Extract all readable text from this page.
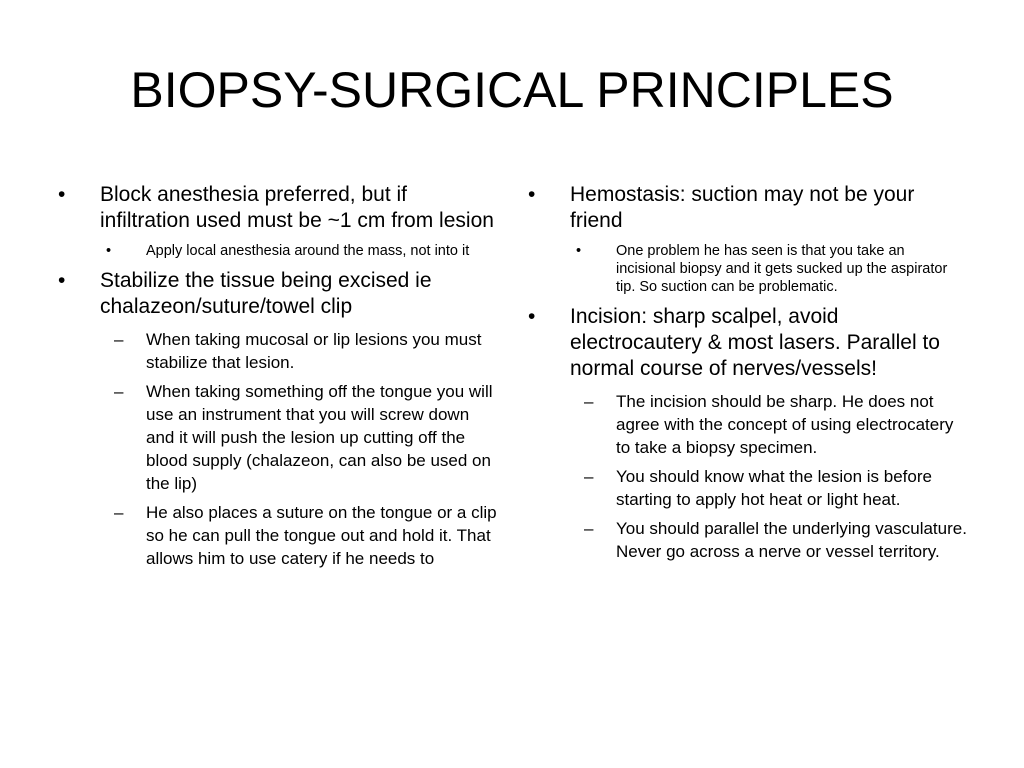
BIOPSY-SURGICAL PRINCIPLES
•	Block anesthesia preferred, but if infiltration used must be ~1 cm from lesion
• Apply local anesthesia around the mass, not into it
•	Stabilize the tissue being excised ie chalazeon/suture/towel clip
– When taking mucosal or lip lesions you must stabilize that lesion.
– When taking something off the tongue you will use an instrument that you will screw down and it will push the lesion up cutting off the blood supply (chalazeon, can also be used on the lip)
– He also places a suture on the tongue or a clip so he can pull the tongue out and hold it. That allows him to use catery if he needs to
•	Hemostasis: suction may not be your friend
• One problem he has seen is that you take an incisional biopsy and it gets sucked up the aspirator tip. So suction can be problematic.
•	Incision: sharp scalpel, avoid electrocautery & most lasers. Parallel to normal course of nerves/vessels!
– The incision should be sharp. He does not agree with the concept of using electrocatery to take a biopsy specimen.
– You should know what the lesion is before starting to apply hot heat or light heat.
– You should parallel the underlying vasculature. Never go across a nerve or vessel territory.
